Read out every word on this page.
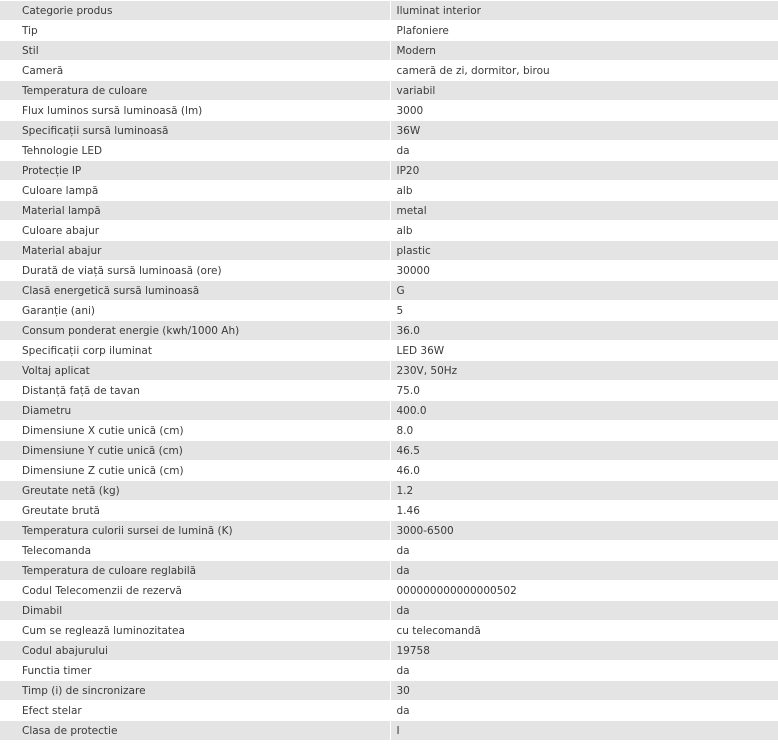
Categorie produs	Iluminat interior
Tip	Plafoniere
Stil	Modern
Cameră	cameră de zi, dormitor, birou
Temperatura de culoare	variabil
Flux luminos sursă luminoasă (lm)	3000
Specificații sursă luminoasă	36W
Tehnologie LED	da
Protecție IP	IP20
Culoare lampă	alb
Material lampă	metal
Culoare abajur	alb
Material abajur	plastic
Durată de viață sursă luminoasă (ore)	30000
Clasă energetică sursă luminoasă	G
Garanție (ani)	5
Consum ponderat energie (kwh/1000 Ah)	36.0
Specificații corp iluminat	LED 36W
Voltaj aplicat	230V, 50Hz
Distanță față de tavan	75.0
Diametru	400.0
Dimensiune X cutie unică (cm)	8.0
Dimensiune Y cutie unică (cm)	46.5
Dimensiune Z cutie unică (cm)	46.0
Greutate netă (kg)	1.2
Greutate brută	1.46
Temperatura culorii sursei de lumină (K)	3000-6500
Telecomanda	da
Temperatura de culoare reglabilă	da
Codul Telecomenzii de rezervă	000000000000000502
Dimabil	da
Cum se reglează luminozitatea	cu telecomandă
Codul abajurului	19758
Functia timer	da
Timp (i) de sincronizare	30
Efect stelar	da
Clasa de protectie	I
